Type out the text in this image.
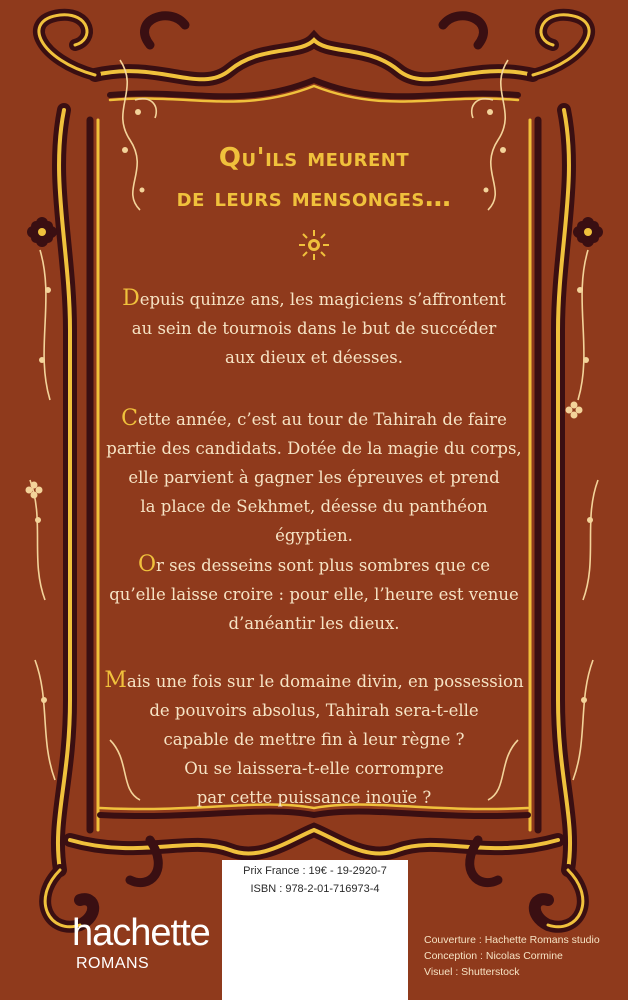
Qu'ils meurent

de leurs mensonges…

Depuis quinze ans, les magiciens s’affrontent
au sein de tournois dans le but de succéder
aux dieux et déesses.
Cette année, c’est au tour de Tahirah de faire
partie des candidats. Dotée de la magie du corps,
elle parvient à gagner les épreuves et prend
la place de Sekhmet, déesse du panthéon égyptien.
Or ses desseins sont plus sombres que ce
qu’elle laisse croire : pour elle, l’heure est venue
d’anéantir les dieux.
Mais une fois sur le domaine divin, en possession
de pouvoirs absolus, Tahirah sera-t-elle
capable de mettre fin à leur règne ?
Ou se laissera-t-elle corrompre
par cette puissance inouïe ?

Prix France : 19€ - 19-2920-7

ISBN : 978-2-01-716973-4

hachette

ROMANS

Couverture : Hachette Romans studio

Conception : Nicolas Cormine

Visuel : Shutterstock
